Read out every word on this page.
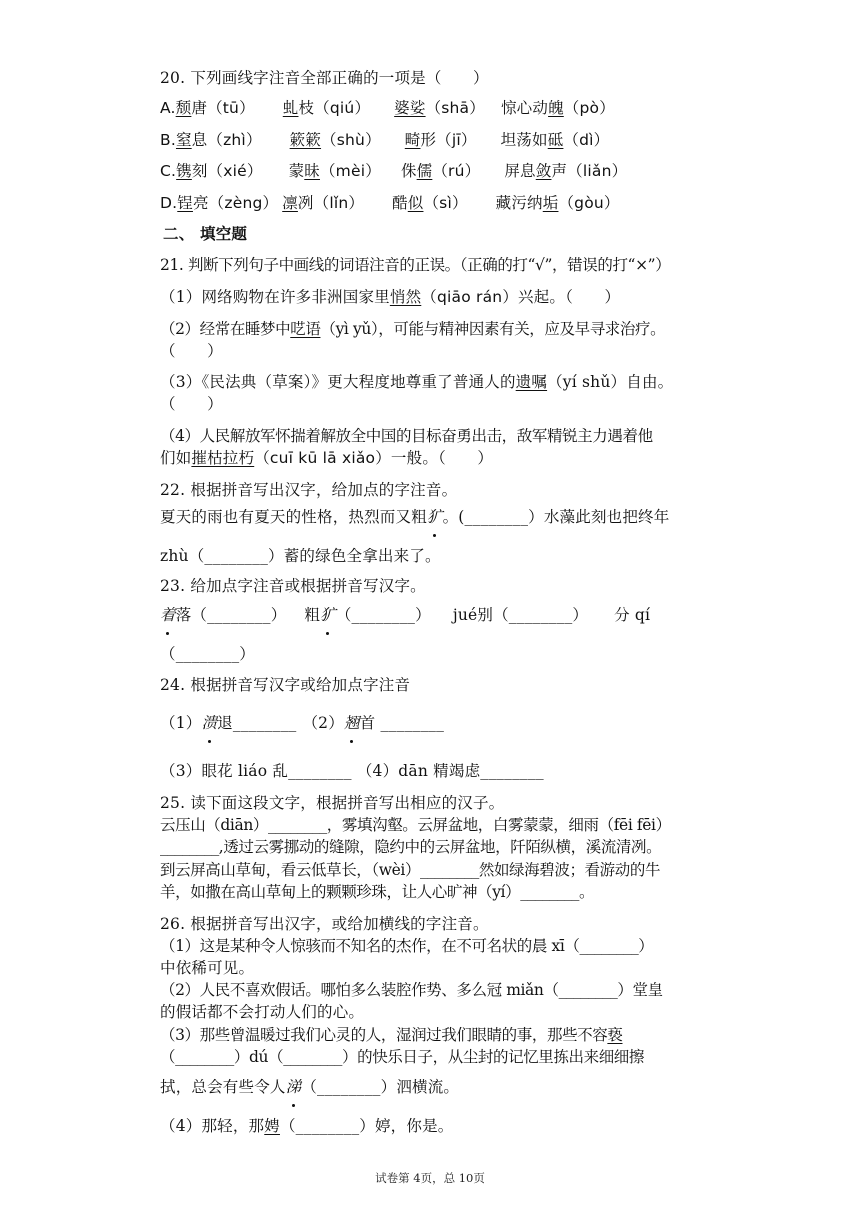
20. 下列画线字注音全部正确的一项是（　　）
A.颓唐（tū） 虬枝（qiú） 婆娑（shā） 惊心动魄（pò）
B.窒息（zhì） 簌簌（shù） 畸形（jī） 坦荡如砥（dì）
C.镌刻（xié） 蒙昧（mèi） 侏儒（rú） 屏息敛声（liǎn）
D.锃亮（zèng） 凛冽（lǐn） 酷似（sì） 藏污纳垢（gòu）
二、 填空题
21. 判断下列句子中画线的词语注音的正误。（正确的打“√”，错误的打“×”）
（1）网络购物在许多非洲国家里悄然（qiāo rán）兴起。（　　）
（2）经常在睡梦中呓语（yì yǔ），可能与精神因素有关，应及早寻求治疗。
（　　）
（3）《民法典（草案）》更大程度地尊重了普通人的遗嘱（yí shǔ）自由。
（　　）
（4）人民解放军怀揣着解放全中国的目标奋勇出击，敌军精锐主力遇着他
们如摧枯拉朽（cuī kū lā xiǎo）一般。（　　）
22. 根据拼音写出汉字，给加点的字注音。
夏天的雨也有夏天的性格，热烈而又粗犷。(________）水藻此刻也把终年
zhù（________）蓄的绿色全拿出来了。
23. 给加点字注音或根据拼音写汉字。
着落（________） 粗犷（________） jué别（________） 分 qí
（________）
24. 根据拼音写汉字或给加点字注音
（1）溃退________ （2）翘首 ________
（3）眼花 liáo 乱________ （4）dān 精竭虑________
25. 读下面这段文字，根据拼音写出相应的汉子。
云压山（diān）________，雾填沟壑。云屏盆地，白雾蒙蒙，细雨（fēi fēi）
________,透过云雾挪动的缝隙，隐约中的云屏盆地，阡陌纵横，溪流清冽。
到云屏高山草甸，看云低草长，（wèi）________然如绿海碧波；看游动的牛
羊，如撒在高山草甸上的颗颗珍珠，让人心旷神（yí）________。
26. 根据拼音写出汉字，或给加横线的字注音。
（1）这是某种令人惊骇而不知名的杰作，在不可名状的晨 xī（________）
中依稀可见。
（2）人民不喜欢假话。哪怕多么装腔作势、多么冠 miǎn（________）堂皇
的假话都不会打动人们的心。
（3）那些曾温暖过我们心灵的人，湿润过我们眼睛的事，那些不容亵
（________）dú（________）的快乐日子，从尘封的记忆里拣出来细细擦
拭，总会有些令人涕（________）泗横流。
（4）那轻，那娉（________）婷，你是。
试卷第 4页，总 10页
